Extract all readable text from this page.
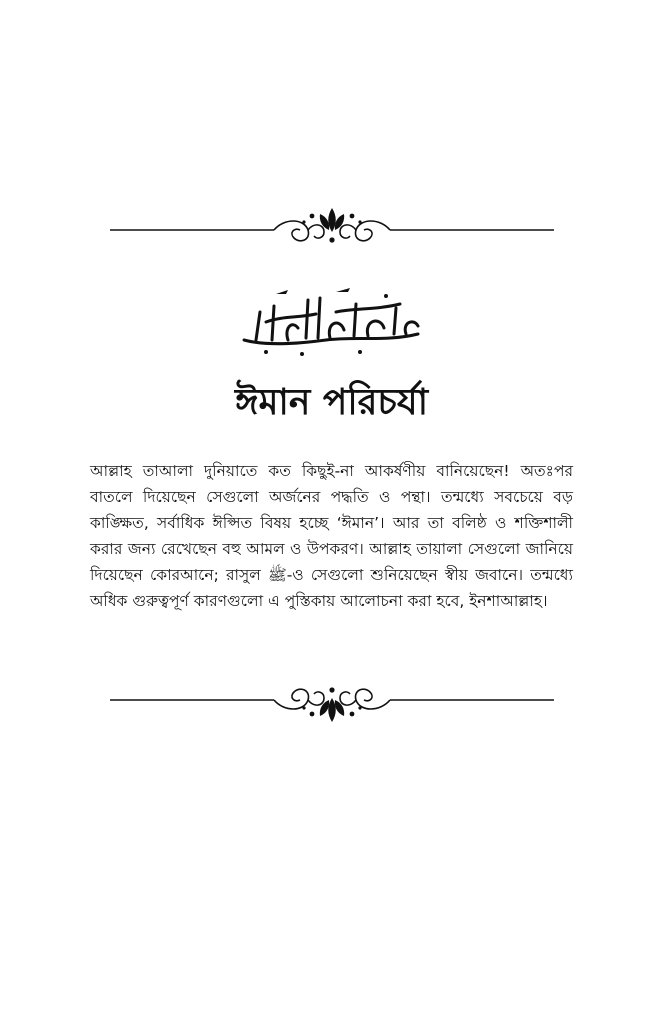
ঈমান পরিচর্যা

আল্লাহ তাআলা দুনিয়াতে কত কিছুই-না আকর্ষণীয় বানিয়েছেন! অতঃপর বাতলে দিয়েছেন সেগুলো অর্জনের পদ্ধতি ও পন্থা। তন্মধ্যে সবচেয়ে বড় কাঙ্ক্ষিত, সর্বাধিক ঈপ্সিত বিষয় হচ্ছে ‘ঈমান’। আর তা বলিষ্ঠ ও শক্তিশালী করার জন্য রেখেছেন বহু আমল ও উপকরণ। আল্লাহ তায়ালা সেগুলো জানিয়ে দিয়েছেন কোরআনে; রাসুল ﷺ-ও সেগুলো শুনিয়েছেন স্বীয় জবানে। তন্মধ্যে অধিক গুরুত্বপূর্ণ কারণগুলো এ পুস্তিকায় আলোচনা করা হবে, ইনশাআল্লাহ।
